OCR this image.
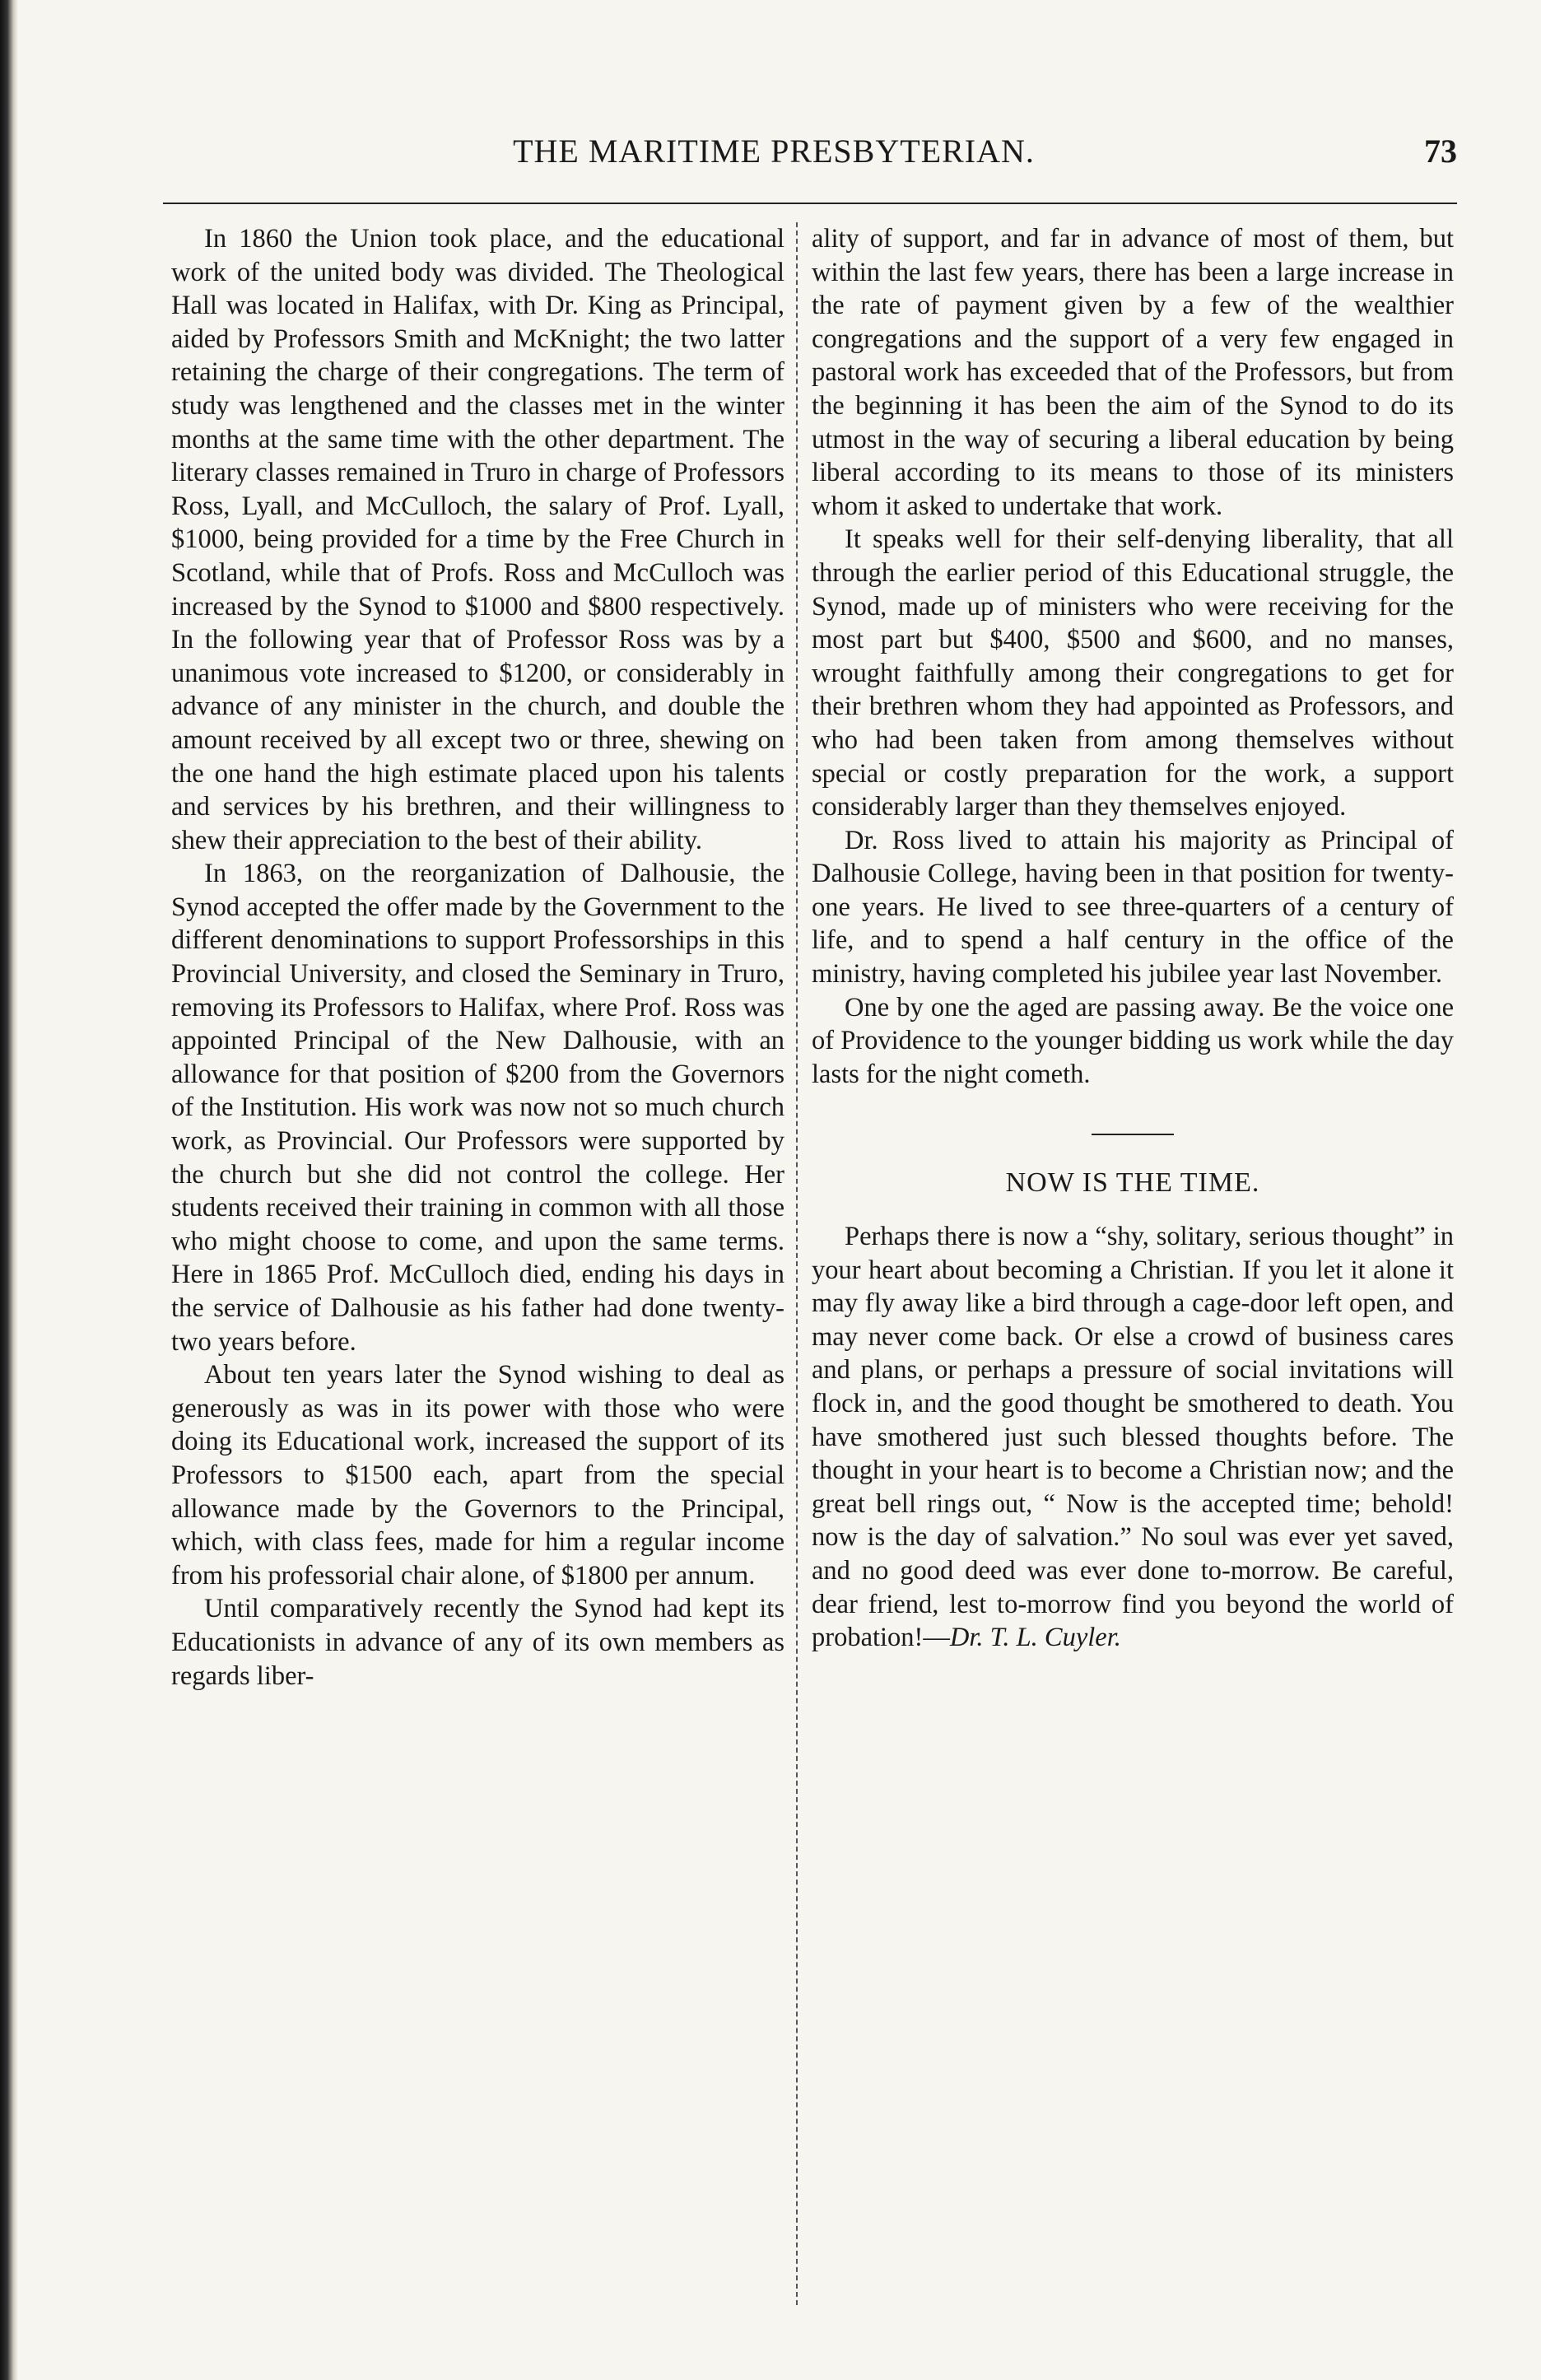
THE MARITIME PRESBYTERIAN.	73

In 1860 the Union took place, and the educational work of the united body was divided. The Theological Hall was located in Halifax, with Dr. King as Principal, aided by Professors Smith and McKnight; the two latter retaining the charge of their congregations. The term of study was lengthened and the classes met in the winter months at the same time with the other department. The literary classes remained in Truro in charge of Professors Ross, Lyall, and McCulloch, the salary of Prof. Lyall, $1000, being provided for a time by the Free Church in Scotland, while that of Profs. Ross and McCulloch was increased by the Synod to $1000 and $800 respectively. In the following year that of Professor Ross was by a unanimous vote increased to $1200, or considerably in advance of any minister in the church, and double the amount received by all except two or three, shewing on the one hand the high estimate placed upon his talents and services by his brethren, and their willingness to shew their appreciation to the best of their ability.

In 1863, on the reorganization of Dalhousie, the Synod accepted the offer made by the Government to the different denominations to support Professorships in this Provincial University, and closed the Seminary in Truro, removing its Professors to Halifax, where Prof. Ross was appointed Principal of the New Dalhousie, with an allowance for that position of $200 from the Governors of the Institution. His work was now not so much church work, as Provincial. Our Professors were supported by the church but she did not control the college. Her students received their training in common with all those who might choose to come, and upon the same terms. Here in 1865 Prof. McCulloch died, ending his days in the service of Dalhousie as his father had done twenty-two years before.

About ten years later the Synod wishing to deal as generously as was in its power with those who were doing its Educational work, increased the support of its Professors to $1500 each, apart from the special allowance made by the Governors to the Principal, which, with class fees, made for him a regular income from his professorial chair alone, of $1800 per annum.

Until comparatively recently the Synod had kept its Educationists in advance of any of its own members as regards liber-

ality of support, and far in advance of most of them, but within the last few years, there has been a large increase in the rate of payment given by a few of the wealthier congregations and the support of a very few engaged in pastoral work has exceeded that of the Professors, but from the beginning it has been the aim of the Synod to do its utmost in the way of securing a liberal education by being liberal according to its means to those of its ministers whom it asked to undertake that work.

It speaks well for their self-denying liberality, that all through the earlier period of this Educational struggle, the Synod, made up of ministers who were receiving for the most part but $400, $500 and $600, and no manses, wrought faithfully among their congregations to get for their brethren whom they had appointed as Professors, and who had been taken from among themselves without special or costly preparation for the work, a support considerably larger than they themselves enjoyed.

Dr. Ross lived to attain his majority as Principal of Dalhousie College, having been in that position for twenty-one years. He lived to see three-quarters of a century of life, and to spend a half century in the office of the ministry, having completed his jubilee year last November.

One by one the aged are passing away. Be the voice one of Providence to the younger bidding us work while the day lasts for the night cometh.

NOW IS THE TIME.

Perhaps there is now a “shy, solitary, serious thought” in your heart about becoming a Christian. If you let it alone it may fly away like a bird through a cage-door left open, and may never come back. Or else a crowd of business cares and plans, or perhaps a pressure of social invitations will flock in, and the good thought be smothered to death. You have smothered just such blessed thoughts before. The thought in your heart is to become a Christian now; and the great bell rings out, “ Now is the accepted time; behold! now is the day of salvation.” No soul was ever yet saved, and no good deed was ever done to-morrow. Be careful, dear friend, lest to-morrow find you beyond the world of probation!—Dr. T. L. Cuyler.
